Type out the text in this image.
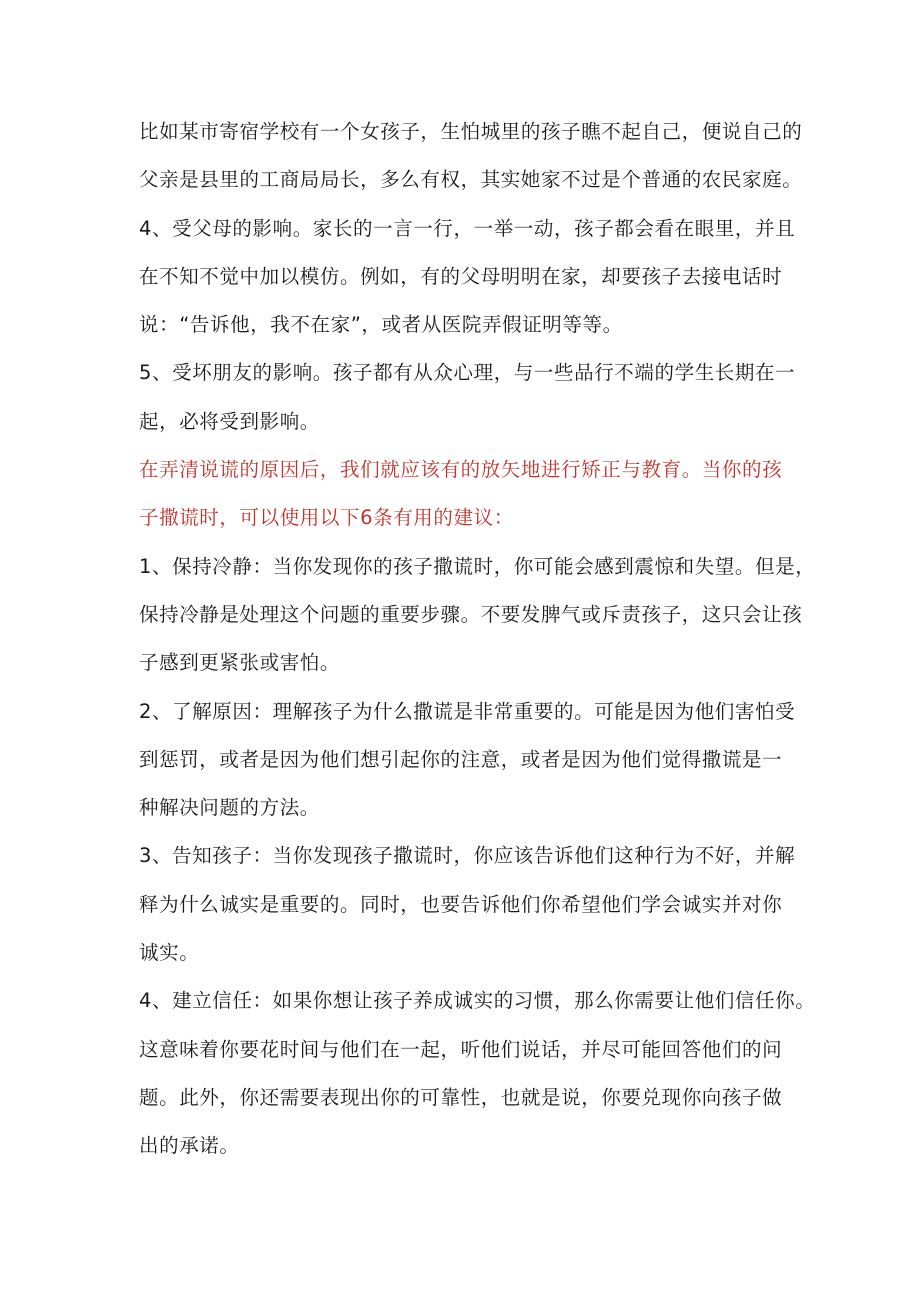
比如某市寄宿学校有一个女孩子，生怕城里的孩子瞧不起自己，便说自己的
父亲是县里的工商局局长，多么有权，其实她家不过是个普通的农民家庭。
4、受父母的影响。家长的一言一行，一举一动，孩子都会看在眼里，并且
在不知不觉中加以模仿。例如，有的父母明明在家，却要孩子去接电话时
说：“告诉他，我不在家”，或者从医院弄假证明等等。
5、受坏朋友的影响。孩子都有从众心理，与一些品行不端的学生长期在一
起，必将受到影响。
在弄清说谎的原因后，我们就应该有的放矢地进行矫正与教育。当你的孩
子撒谎时，可以使用以下6条有用的建议：
1、保持冷静：当你发现你的孩子撒谎时，你可能会感到震惊和失望。但是，
保持冷静是处理这个问题的重要步骤。不要发脾气或斥责孩子，这只会让孩
子感到更紧张或害怕。
2、了解原因：理解孩子为什么撒谎是非常重要的。可能是因为他们害怕受
到惩罚，或者是因为他们想引起你的注意，或者是因为他们觉得撒谎是一
种解决问题的方法。
3、告知孩子：当你发现孩子撒谎时，你应该告诉他们这种行为不好，并解
释为什么诚实是重要的。同时，也要告诉他们你希望他们学会诚实并对你
诚实。
4、建立信任：如果你想让孩子养成诚实的习惯，那么你需要让他们信任你。
这意味着你要花时间与他们在一起，听他们说话，并尽可能回答他们的问
题。此外，你还需要表现出你的可靠性，也就是说，你要兑现你向孩子做
出的承诺。
